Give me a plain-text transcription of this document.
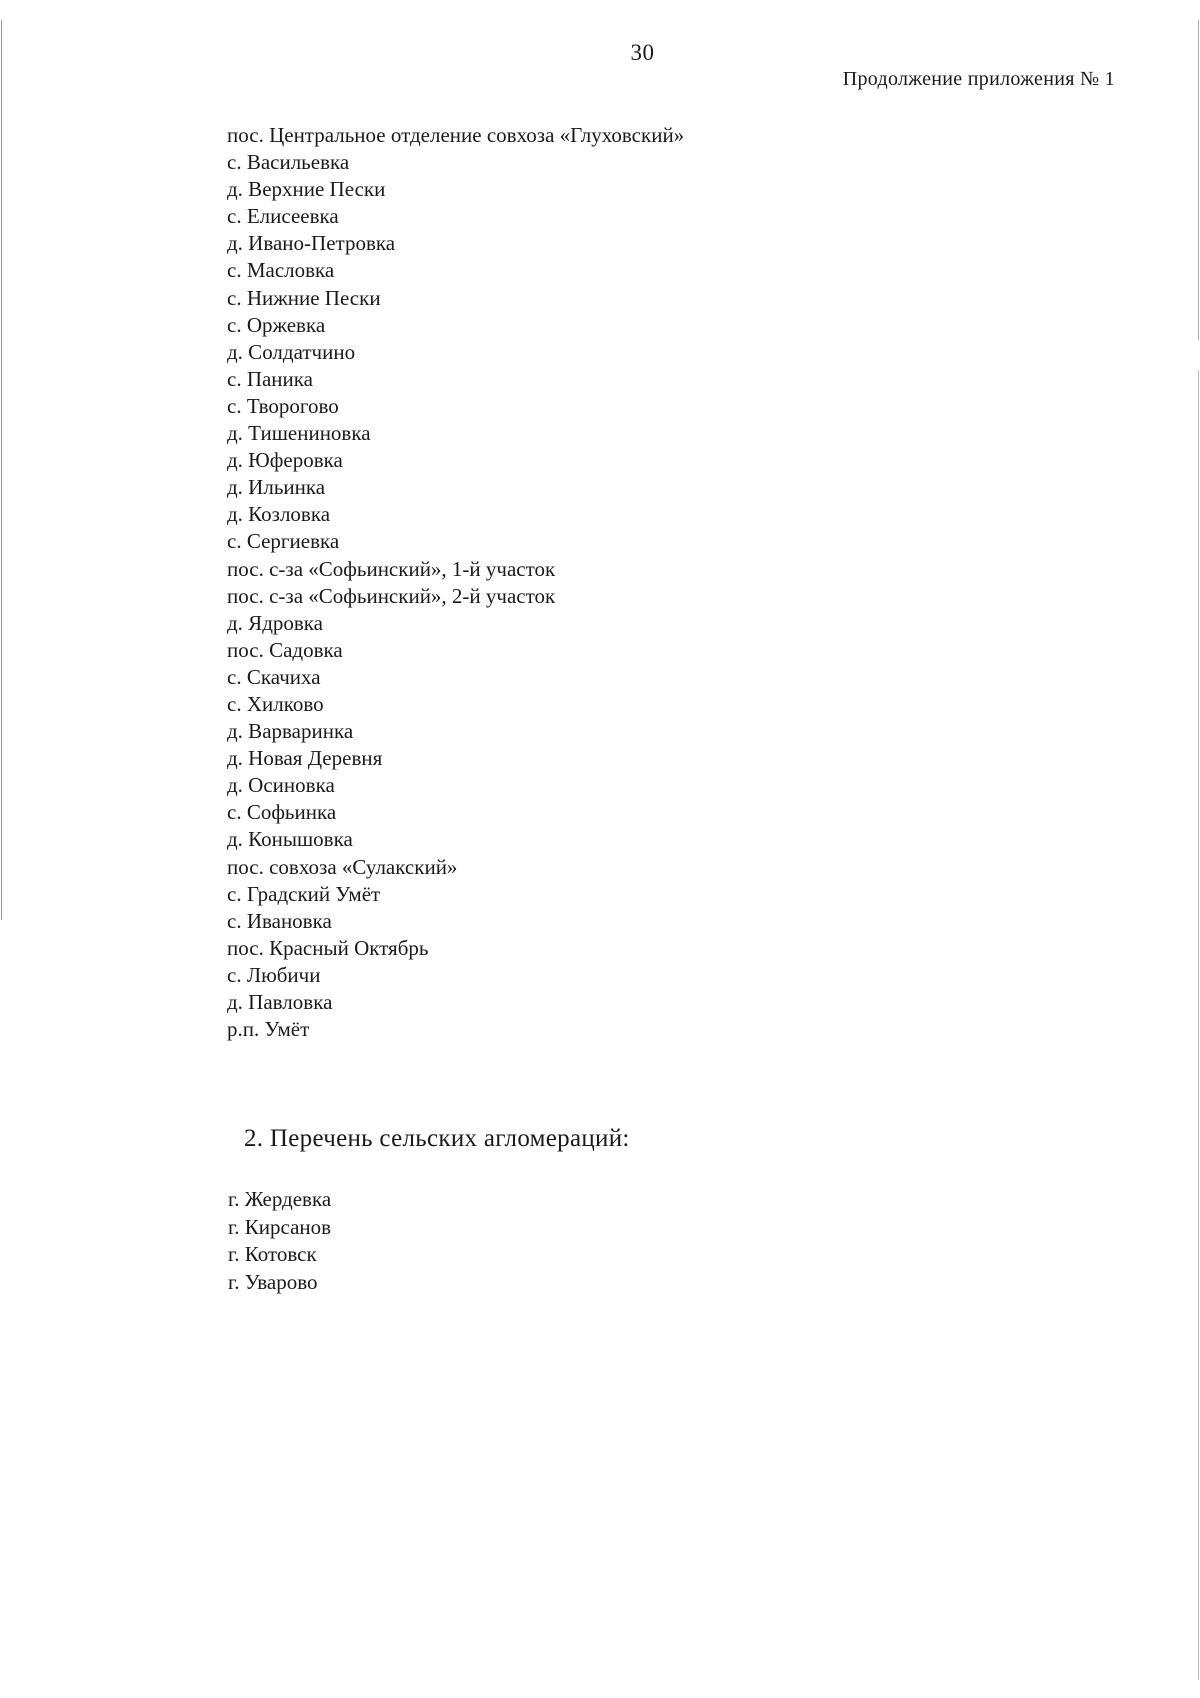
30
Продолжение приложения № 1
пос. Центральное отделение совхоза «Глуховский»
с. Васильевка
д. Верхние Пески
с. Елисеевка
д. Ивано-Петровка
с. Масловка
с. Нижние Пески
с. Оржевка
д. Солдатчино
с. Паника
с. Творогово
д. Тишениновка
д. Юферовка
д. Ильинка
д. Козловка
с. Сергиевка
пос. с-за «Софьинский», 1-й участок
пос. с-за «Софьинский», 2-й участок
д. Ядровка
пос. Садовка
с. Скачиха
с. Хилково
д. Варваринка
д. Новая Деревня
д. Осиновка
с. Софьинка
д. Конышовка
пос. совхоза «Сулакский»
с. Градский Умёт
с. Ивановка
пос. Красный Октябрь
с. Любичи
д. Павловка
р.п. Умёт
2. Перечень сельских агломераций:
г. Жердевка
г. Кирсанов
г. Котовск
г. Уварово
